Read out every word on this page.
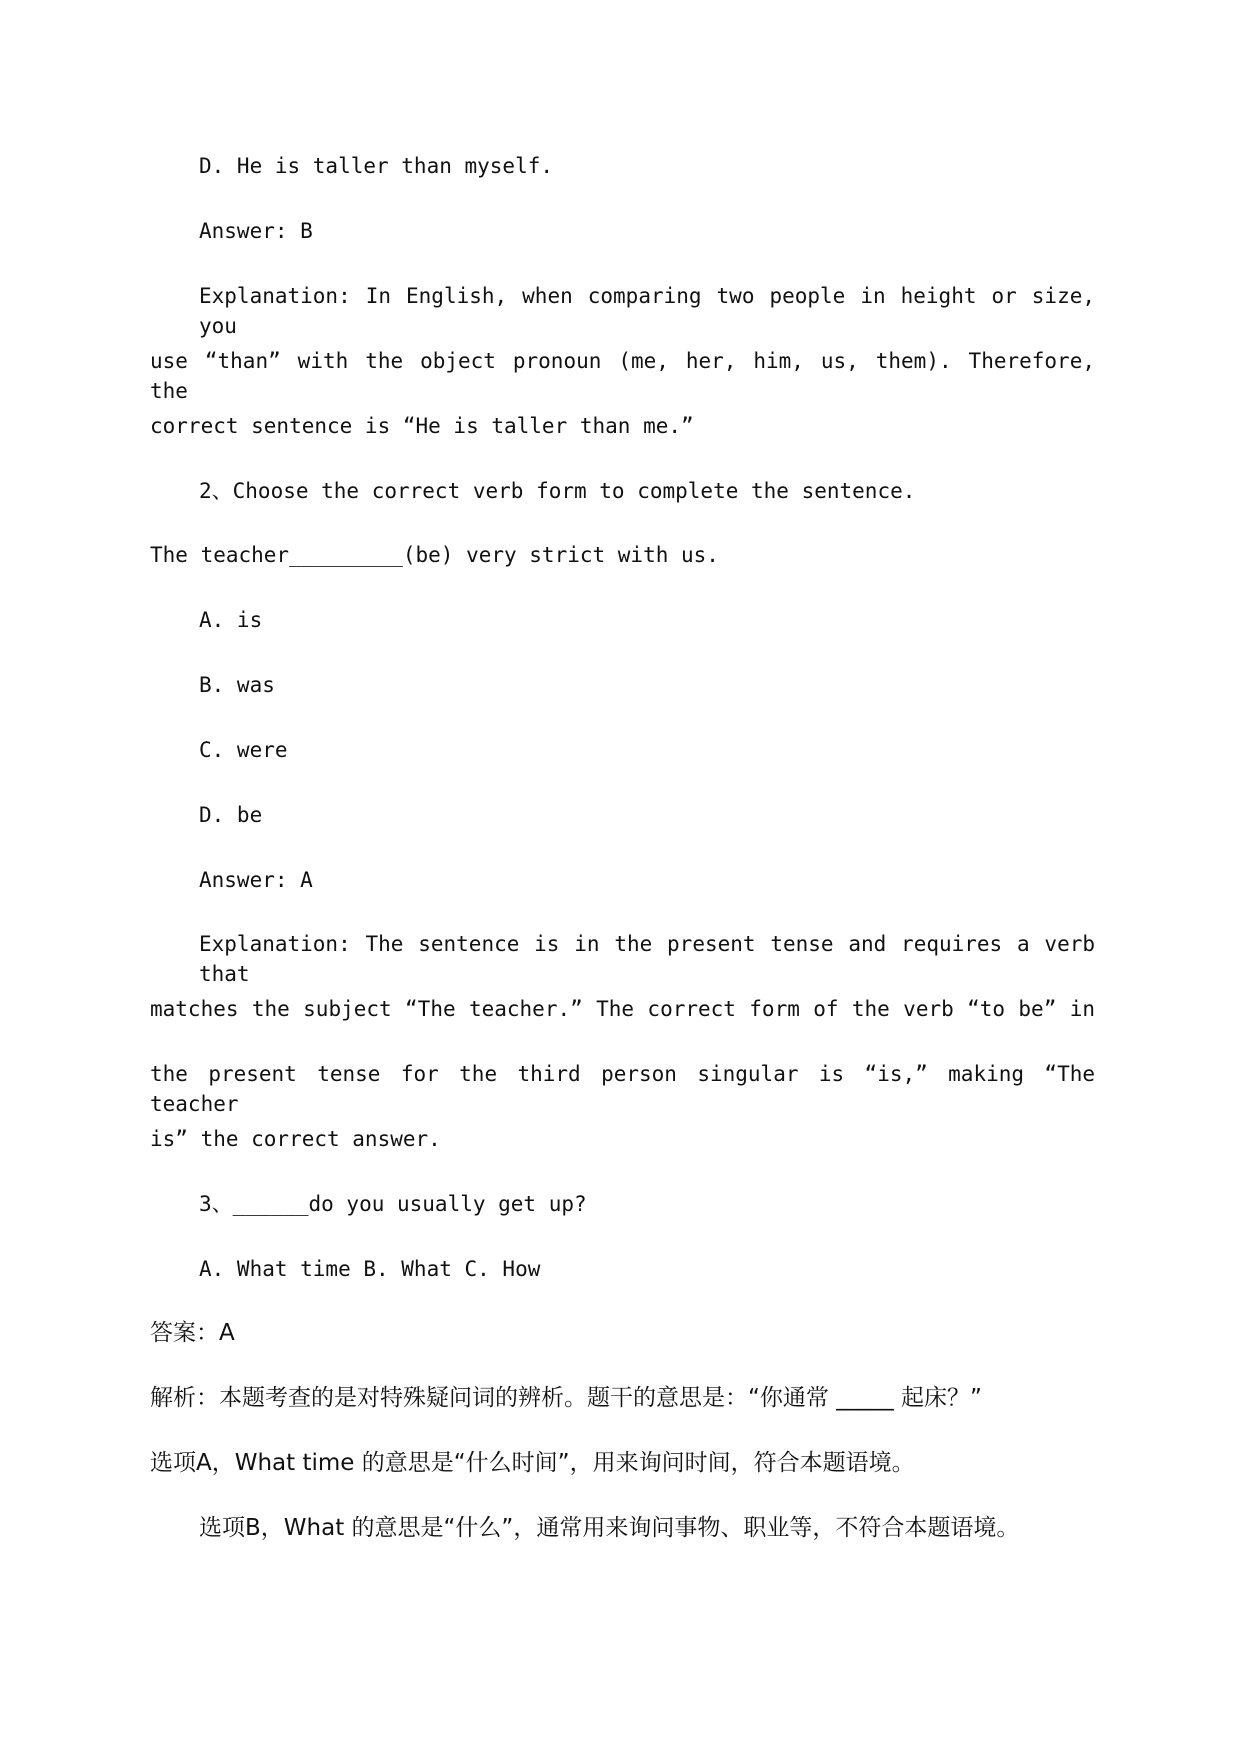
D. He is taller than myself.
Answer: B
Explanation: In English, when comparing two people in height or size, you
use “than” with the object pronoun (me, her, him, us, them). Therefore, the
correct sentence is “He is taller than me.”
2、Choose the correct verb form to complete the sentence.
The teacher_________(be) very strict with us.
A. is
B. was
C. were
D. be
Answer: A
Explanation: The sentence is in the present tense and requires a verb that
matches the subject “The teacher.” The correct form of the verb “to be” in
the present tense for the third person singular is “is,” making “The teacher
is” the correct answer.
3、______do you usually get up?
A. What time B. What C. How
答案：A
解析：本题考查的是对特殊疑问词的辨析。题干的意思是：“你通常 _____ 起床？”
选项A，What time 的意思是“什么时间”，用来询问时间，符合本题语境。
选项B，What 的意思是“什么”，通常用来询问事物、职业等，不符合本题语境。
